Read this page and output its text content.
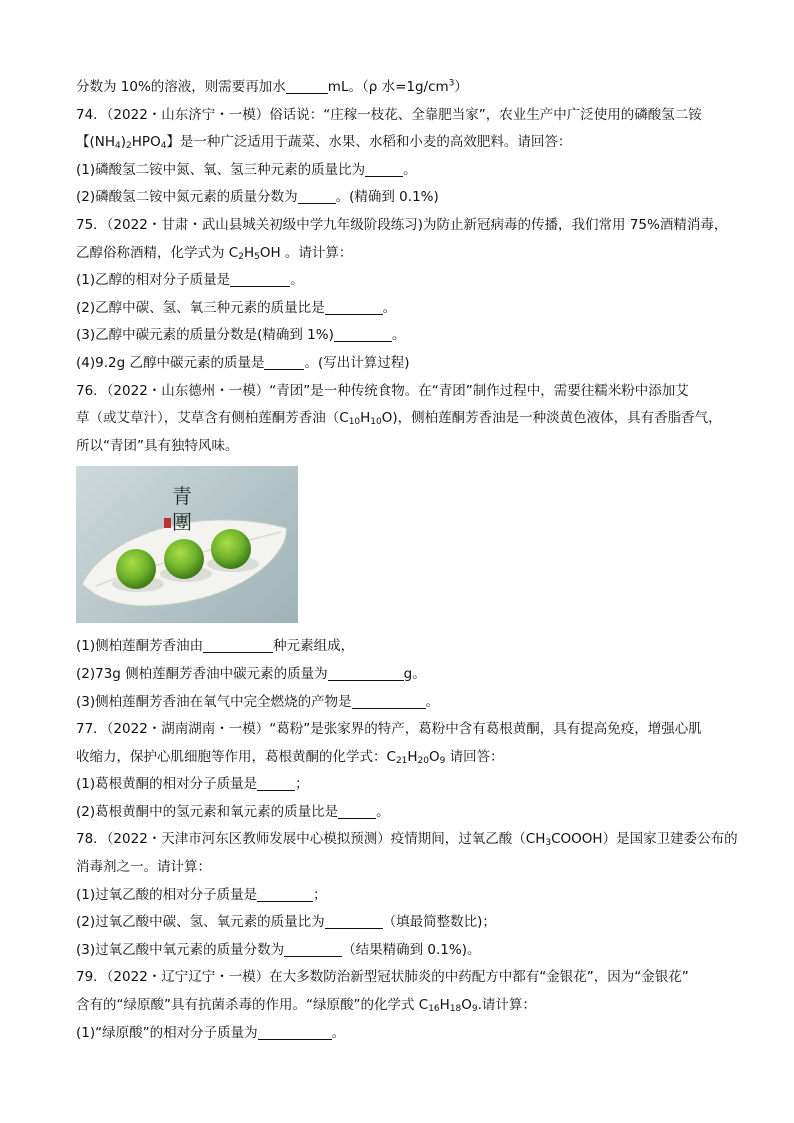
分数为 10%的溶液，则需要再加水	mL。（ρ 水$=1g/cm^3$）
74．（2022・山东济宁・一模）俗话说：“庄稼一枝花、全靠肥当家”，农业生产中广泛使用的磷酸氢二铵
【$(NH_4)_2HPO_4$】是一种广泛适用于蔬菜、水果、水稻和小麦的高效肥料。请回答：
(1)磷酸氢二铵中氮、氧、氢三种元素的质量比为	。
(2)磷酸氢二铵中氮元素的质量分数为	。(精确到 0.1%)
75．（2022・甘肃・武山县城关初级中学九年级阶段练习)为防止新冠病毒的传播，我们常用 75%酒精消毒，
乙醇俗称酒精，化学式为 $C_2H_5OH$ 。请计算：
(1)乙醇的相对分子质量是	。
(2)乙醇中碳、氢、氧三种元素的质量比是	。
(3)乙醇中碳元素的质量分数是(精确到 1%)	。
(4)9.2g 乙醇中碳元素的质量是	。(写出计算过程)
76．（2022・山东德州・一模）“青团”是一种传统食物。在“青团”制作过程中，需要往糯米粉中添加艾
草（或艾草汁），艾草含有侧柏莲酮芳香油$(C_{10}H_{10}O)$，侧柏莲酮芳香油是一种淡黄色液体，具有香脂香气，
所以“青团”具有独特风味。
青
團
(1)侧柏莲酮芳香油由	种元素组成，
(2)73g 侧柏莲酮芳香油中碳元素的质量为	g。
(3)侧柏莲酮芳香油在氧气中完全燃烧的产物是	。
77．（2022・湖南湖南・一模）“葛粉”是张家界的特产，葛粉中含有葛根黄酮，具有提高免疫，增强心肌
收缩力，保护心肌细胞等作用，葛根黄酮的化学式：$C_{21}H_{20}O_9$ 请回答：
(1)葛根黄酮的相对分子质量是	；
(2)葛根黄酮中的氢元素和氧元素的质量比是	。
78．（2022・天津市河东区教师发展中心模拟预测）疫情期间，过氧乙酸$(CH_3COOOH)$是国家卫建委公布的
消毒剂之一。请计算：
(1)过氧乙酸的相对分子质量是	；
(2)过氧乙酸中碳、氢、氧元素的质量比为	（填最简整数比)；
(3)过氧乙酸中氧元素的质量分数为	（结果精确到 0.1%)。
79．（2022・辽宁辽宁・一模）在大多数防治新型冠状肺炎的中药配方中都有“金银花”，因为“金银花”
含有的“绿原酸”具有抗菌杀毒的作用。“绿原酸”的化学式 $C_{16}H_{18}O_9$.请计算：
(1)“绿原酸”的相对分子质量为	。
